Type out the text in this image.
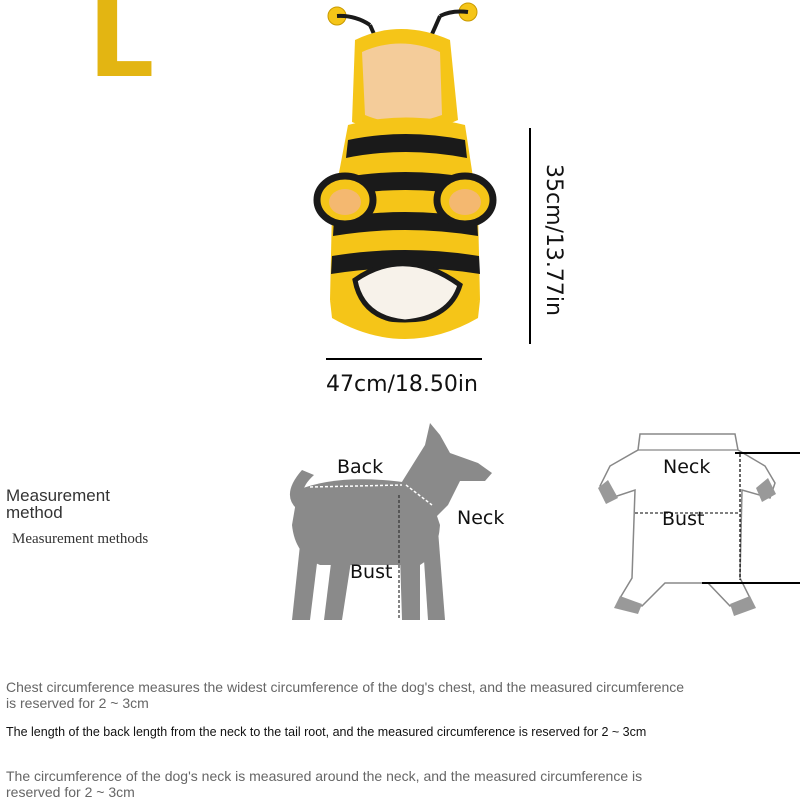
L
47cm/18.50in
35cm/13.77in
Measurement method
Measurement methods
Back
Neck
Bust
Neck
Bust
Chest circumference measures the widest circumference of the dog's chest, and the measured circumference is reserved for 2 ~ 3cm
The length of the back length from the neck to the tail root, and the measured circumference is reserved for 2 ~ 3cm
The circumference of the dog's neck is measured around the neck, and the measured circumference is reserved for 2 ~ 3cm
